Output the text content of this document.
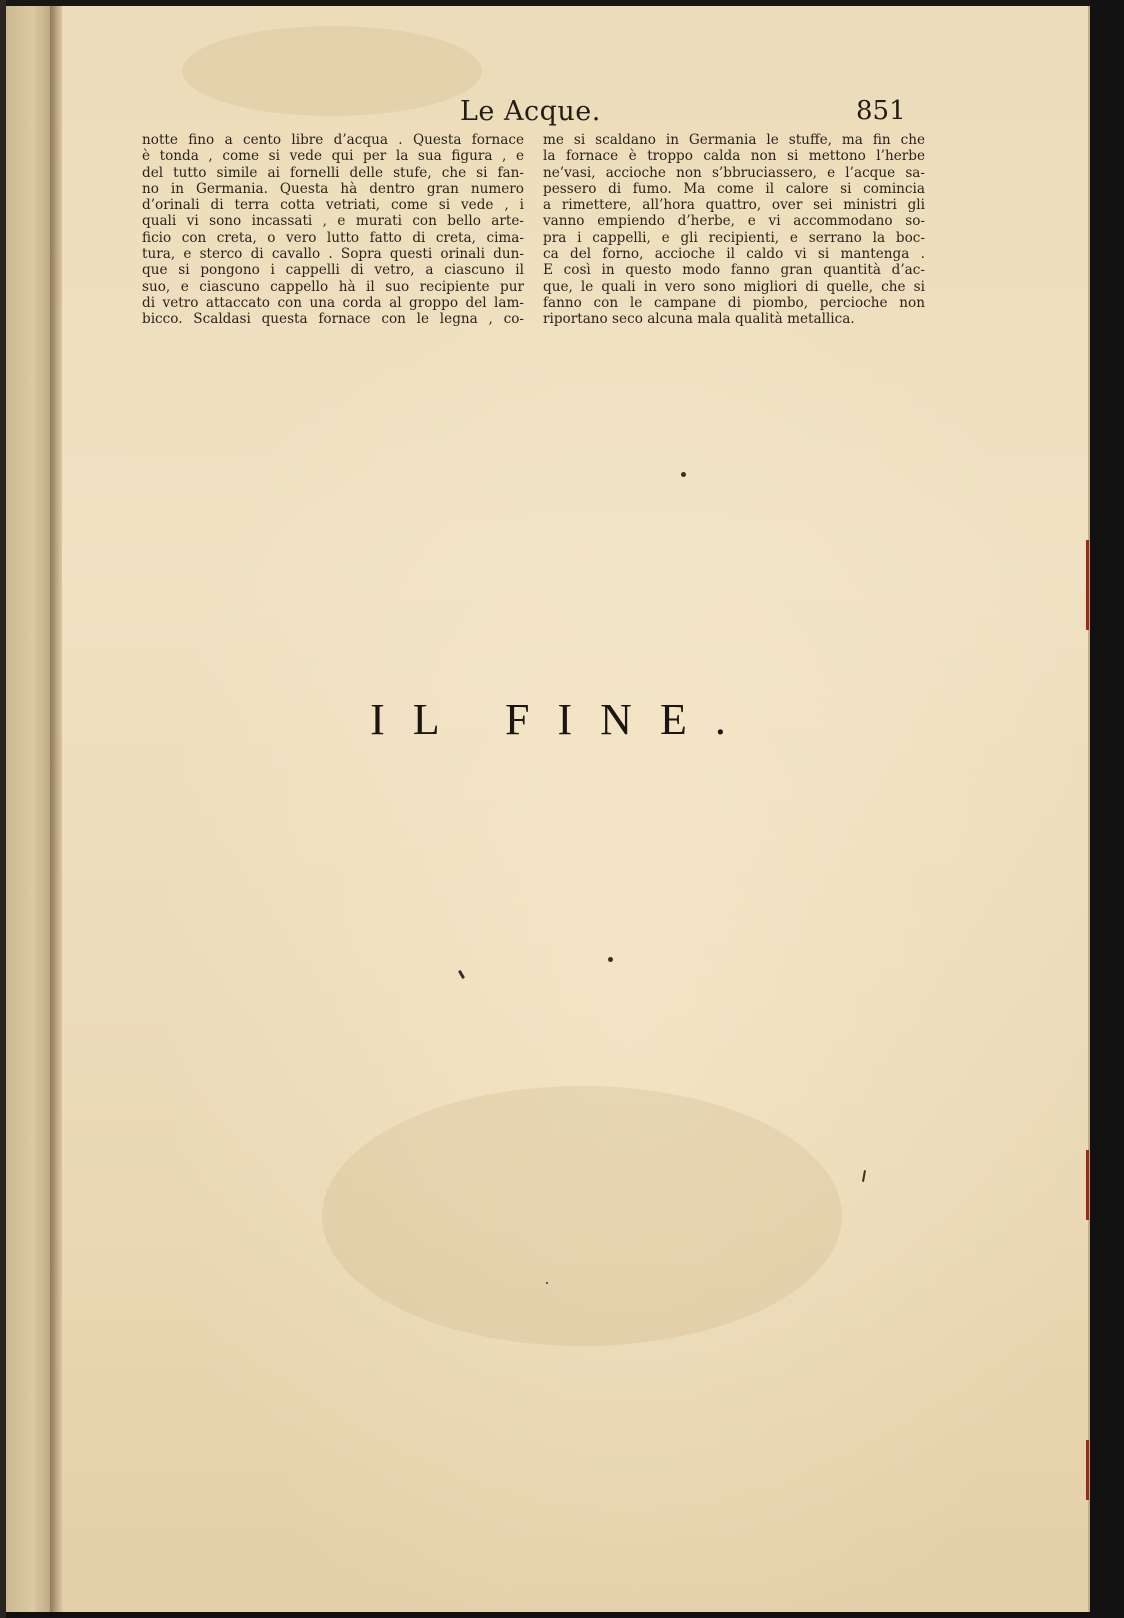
Le Acque.	851
notte fino a cento libre d’acqua . Questa fornace
è tonda , come si vede qui per la sua figura , e
del tutto simile ai fornelli delle stufe, che si fan-
no in Germania. Questa hà dentro gran numero
d’orinali di terra cotta vetriati, come si vede , i
quali vi sono incassati , e murati con bello arte-
ficio con creta, o vero lutto fatto di creta, cima-
tura, e sterco di cavallo . Sopra questi orinali dun-
que si pongono i cappelli di vetro, a ciascuno il
suo, e ciascuno cappello hà il suo recipiente pur
di vetro attaccato con una corda al groppo del lam-
bicco. Scaldasi questa fornace con le legna , co-
me si scaldano in Germania le stuffe, ma fin che
la fornace è troppo calda non si mettono l’herbe
ne’vasi, accioche non s’bbruciassero, e l’acque sa-
pessero di fumo. Ma come il calore si comincia
a rimettere, all’hora quattro, over sei ministri gli
vanno empiendo d’herbe, e vi accommodano so-
pra i cappelli, e gli recipienti, e serrano la boc-
ca del forno, accioche il caldo vi si mantenga .
E così in questo modo fanno gran quantità d’ac-
que, le quali in vero sono migliori di quelle, che si
fanno con le campane di piombo, percioche non
riportano seco alcuna mala qualità metallica.
IL FINE.
